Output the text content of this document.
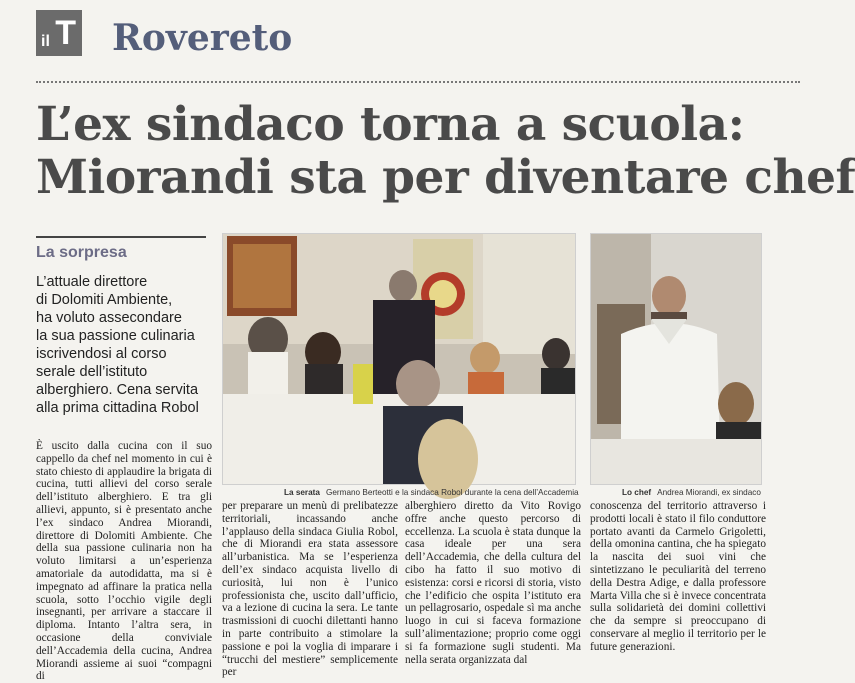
il T Rovereto
L’ex sindaco torna a scuola:
Miorandi sta per diventare chef
La sorpresa
L’attuale direttore
di Dolomiti Ambiente,
ha voluto assecondare
la sua passione culinaria
iscrivendosi al corso
serale dell’istituto
alberghiero. Cena servita
alla prima cittadina Robol
La serata Germano Berteotti e la sindaca Robol durante la cena dell’Accademia	Lo chef Andrea Miorandi, ex sindaco

È uscito dalla cucina con il suo cappello da chef nel momento in cui è stato chiesto di applaudire la brigata di cucina, tutti allievi del corso serale dell’istituto alberghiero. E tra gli allievi, appunto, si è presentato anche l’ex sindaco Andrea Miorandi, direttore di Dolomiti Ambiente. Che della sua passione culinaria non ha voluto limitarsi a un’esperienza amatoriale da autodidatta, ma si è impegnato ad affinare la pratica nella scuola, sotto l’occhio vigile degli insegnanti, per arrivare a staccare il diploma. Intanto l’altra sera, in occasione della conviviale dell’Accademia della cucina, Andrea Miorandi assieme ai suoi “compagni di

per preparare un menù di prelibatezze territoriali, incassando anche l’applauso della sindaca Giulia Robol, che di Miorandi era stata assessore all’urbanistica. Ma se l’esperienza dell’ex sindaco acquista livello di curiosità, lui non è l’unico professionista che, uscito dall’ufficio, va a lezione di cucina la sera. Le tante trasmissioni di cuochi dilettanti hanno in parte contribuito a stimolare la passione e poi la voglia di imparare i “trucchi del mestiere” semplicemente per

alberghiero diretto da Vito Rovigo offre anche questo percorso di eccellenza. La scuola è stata dunque la casa ideale per una sera dell’Accademia, che della cultura del cibo ha fatto il suo motivo di esistenza: corsi e ricorsi di storia, visto che l’edificio che ospita l’istituto era un pellagrosario, ospedale sì ma anche luogo in cui si faceva formazione sull’alimentazione; proprio come oggi si fa formazione sugli studenti. Ma nella serata organizzata dal

conoscenza del territorio attraverso i prodotti locali è stato il filo conduttore portato avanti da Carmelo Grigoletti, della omonina cantina, che ha spiegato la nascita dei suoi vini che sintetizzano le peculiarità del terreno della Destra Adige, e dalla professore Marta Villa che si è invece concentrata sulla solidarietà dei domini collettivi che da sempre si preoccupano di conservare al meglio il territorio per le future generazioni.
